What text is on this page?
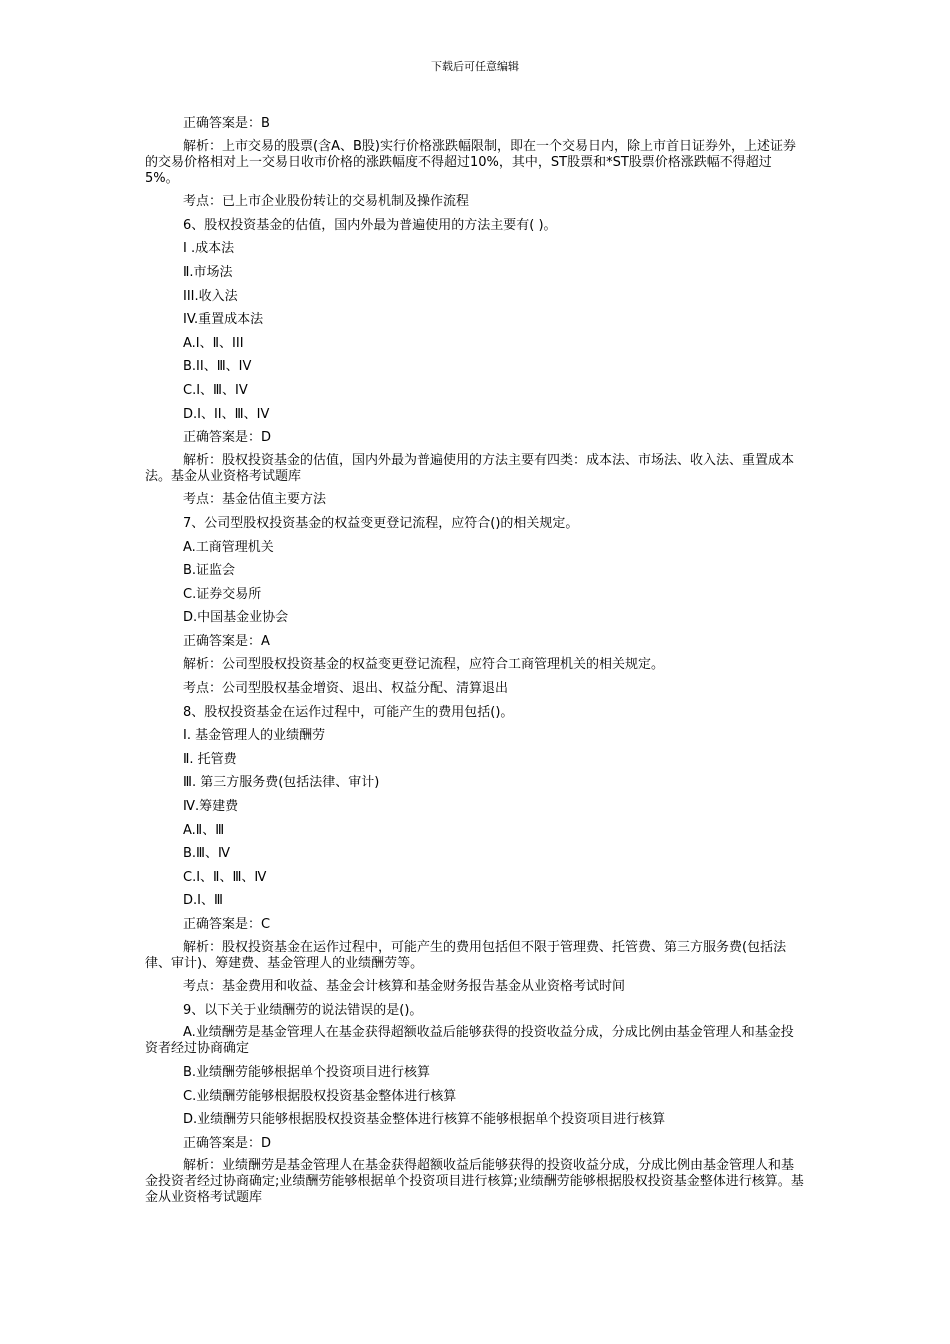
下载后可任意编辑

正确答案是：B

解析：上市交易的股票(含A、B股)实行价格涨跌幅限制，即在一个交易日内，除上市首日证券外，上述证券的交易价格相对上一交易日收市价格的涨跌幅度不得超过10%，其中，ST股票和*ST股票价格涨跌幅不得超过5%。

考点：已上市企业股份转让的交易机制及操作流程

6、股权投资基金的估值，国内外最为普遍使用的方法主要有( )。

I .成本法

Ⅱ.市场法

III.收入法

IV.重置成本法

A.I、Ⅱ、III

B.II、Ⅲ、IV

C.I、Ⅲ、IV

D.I、II、Ⅲ、IV

正确答案是：D

解析：股权投资基金的估值，国内外最为普遍使用的方法主要有四类：成本法、市场法、收入法、重置成本法。基金从业资格考试题库

考点：基金估值主要方法

7、公司型股权投资基金的权益变更登记流程，应符合()的相关规定。

A.工商管理机关

B.证监会

C.证券交易所

D.中国基金业协会

正确答案是：A

解析：公司型股权投资基金的权益变更登记流程，应符合工商管理机关的相关规定。

考点：公司型股权基金增资、退出、权益分配、清算退出

8、股权投资基金在运作过程中，可能产生的费用包括()。

Ⅰ. 基金管理人的业绩酬劳

Ⅱ. 托管费

Ⅲ. 第三方服务费(包括法律、审计)

Ⅳ.筹建费

A.Ⅱ、Ⅲ

B.Ⅲ、Ⅳ

C.Ⅰ、Ⅱ、Ⅲ、Ⅳ

D.Ⅰ、Ⅲ

正确答案是：C

解析：股权投资基金在运作过程中，可能产生的费用包括但不限于管理费、托管费、第三方服务费(包括法律、审计)、筹建费、基金管理人的业绩酬劳等。

考点：基金费用和收益、基金会计核算和基金财务报告基金从业资格考试时间

9、以下关于业绩酬劳的说法错误的是()。

A.业绩酬劳是基金管理人在基金获得超额收益后能够获得的投资收益分成，分成比例由基金管理人和基金投资者经过协商确定

B.业绩酬劳能够根据单个投资项目进行核算

C.业绩酬劳能够根据股权投资基金整体进行核算

D.业绩酬劳只能够根据股权投资基金整体进行核算不能够根据单个投资项目进行核算

正确答案是：D

解析：业绩酬劳是基金管理人在基金获得超额收益后能够获得的投资收益分成，分成比例由基金管理人和基金投资者经过协商确定;业绩酬劳能够根据单个投资项目进行核算;业绩酬劳能够根据股权投资基金整体进行核算。基金从业资格考试题库
